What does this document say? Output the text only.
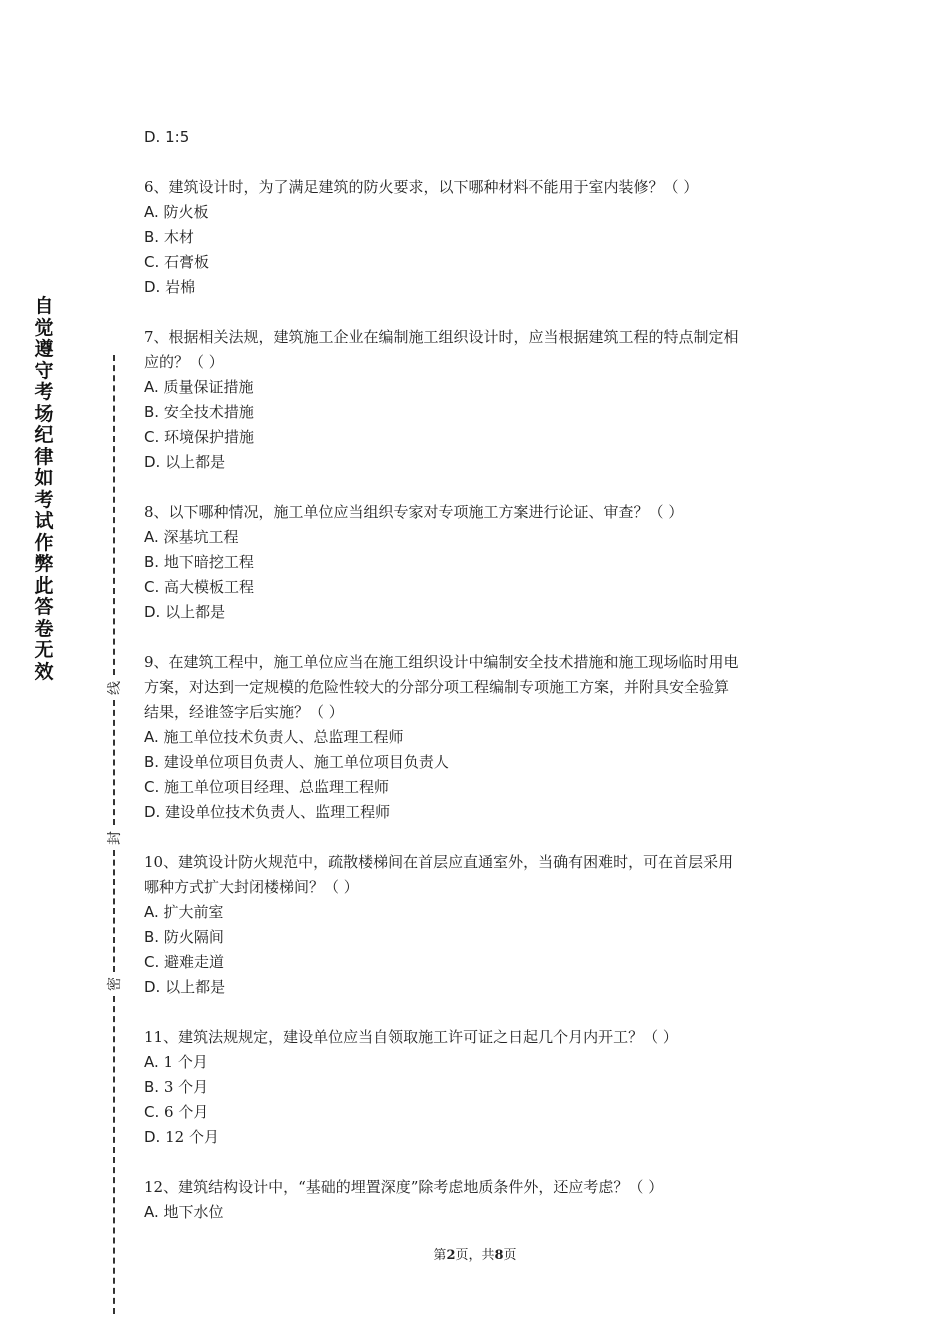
自觉遵守考场纪律如考试作弊此答卷无效
线
封
密
D. 1:5
6、建筑设计时，为了满足建筑的防火要求，以下哪种材料不能用于室内装修？（ ）
A. 防火板
B. 木材
C. 石膏板
D. 岩棉
7、根据相关法规，建筑施工企业在编制施工组织设计时，应当根据建筑工程的特点制定相
应的？（ ）
A. 质量保证措施
B. 安全技术措施
C. 环境保护措施
D. 以上都是
8、以下哪种情况，施工单位应当组织专家对专项施工方案进行论证、审查？（ ）
A. 深基坑工程
B. 地下暗挖工程
C. 高大模板工程
D. 以上都是
9、在建筑工程中，施工单位应当在施工组织设计中编制安全技术措施和施工现场临时用电
方案，对达到一定规模的危险性较大的分部分项工程编制专项施工方案，并附具安全验算
结果，经谁签字后实施？（ ）
A. 施工单位技术负责人、总监理工程师
B. 建设单位项目负责人、施工单位项目负责人
C. 施工单位项目经理、总监理工程师
D. 建设单位技术负责人、监理工程师
10、建筑设计防火规范中，疏散楼梯间在首层应直通室外，当确有困难时，可在首层采用
哪种方式扩大封闭楼梯间？（ ）
A. 扩大前室
B. 防火隔间
C. 避难走道
D. 以上都是
11、建筑法规规定，建设单位应当自领取施工许可证之日起几个月内开工？（ ）
A. 1 个月
B. 3 个月
C. 6 个月
D. 12 个月
12、建筑结构设计中，“基础的埋置深度”除考虑地质条件外，还应考虑？（ ）
A. 地下水位
第2页，共8页
